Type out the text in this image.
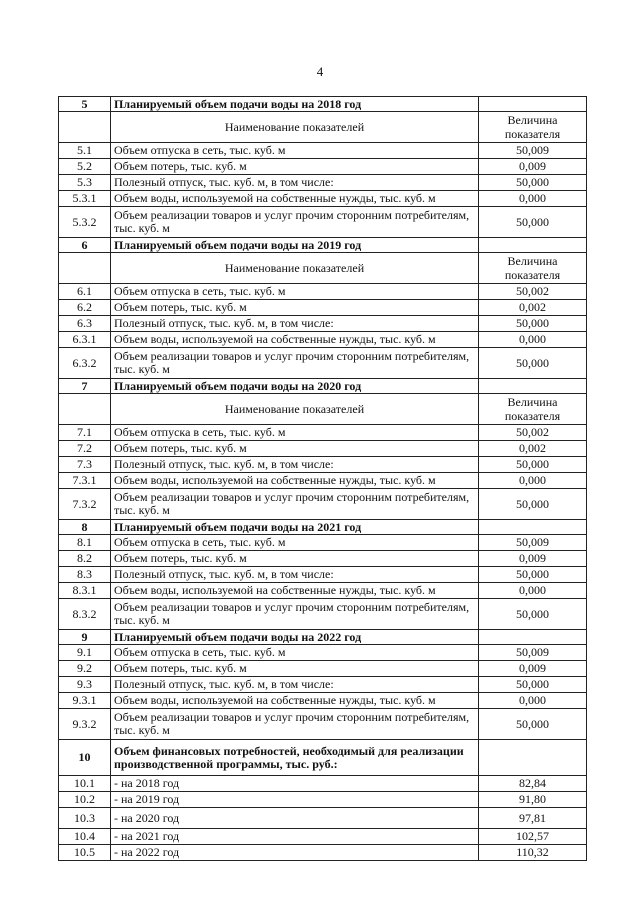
4
5	Планируемый объем подачи воды на 2018 год	
	Наименование показателей	Величина показателя
5.1	Объем отпуска в сеть, тыс. куб. м	50,009
5.2	Объем потерь, тыс. куб. м	0,009
5.3	Полезный отпуск, тыс. куб. м, в том числе:	50,000
5.3.1	Объем воды, используемой на собственные нужды, тыс. куб. м	0,000
5.3.2	Объем реализации товаров и услуг прочим сторонним потребителям, тыс. куб. м	50,000
6	Планируемый объем подачи воды на 2019 год	
	Наименование показателей	Величина показателя
6.1	Объем отпуска в сеть, тыс. куб. м	50,002
6.2	Объем потерь, тыс. куб. м	0,002
6.3	Полезный отпуск, тыс. куб. м, в том числе:	50,000
6.3.1	Объем воды, используемой на собственные нужды, тыс. куб. м	0,000
6.3.2	Объем реализации товаров и услуг прочим сторонним потребителям, тыс. куб. м	50,000
7	Планируемый объем подачи воды на 2020 год	
	Наименование показателей	Величина показателя
7.1	Объем отпуска в сеть, тыс. куб. м	50,002
7.2	Объем потерь, тыс. куб. м	0,002
7.3	Полезный отпуск, тыс. куб. м, в том числе:	50,000
7.3.1	Объем воды, используемой на собственные нужды, тыс. куб. м	0,000
7.3.2	Объем реализации товаров и услуг прочим сторонним потребителям, тыс. куб. м	50,000
8	Планируемый объем подачи воды на 2021 год	
8.1	Объем отпуска в сеть, тыс. куб. м	50,009
8.2	Объем потерь, тыс. куб. м	0,009
8.3	Полезный отпуск, тыс. куб. м, в том числе:	50,000
8.3.1	Объем воды, используемой на собственные нужды, тыс. куб. м	0,000
8.3.2	Объем реализации товаров и услуг прочим сторонним потребителям, тыс. куб. м	50,000
9	Планируемый объем подачи воды на 2022 год	
9.1	Объем отпуска в сеть, тыс. куб. м	50,009
9.2	Объем потерь, тыс. куб. м	0,009
9.3	Полезный отпуск, тыс. куб. м, в том числе:	50,000
9.3.1	Объем воды, используемой на собственные нужды, тыс. куб. м	0,000
9.3.2	Объем реализации товаров и услуг прочим сторонним потребителям, тыс. куб. м	50,000
10	Объем финансовых потребностей, необходимый для реализации производственной программы, тыс. руб.:	
10.1	- на 2018 год	82,84
10.2	- на 2019 год	91,80
10.3	- на 2020 год	97,81
10.4	- на 2021 год	102,57
10.5	- на 2022 год	110,32
